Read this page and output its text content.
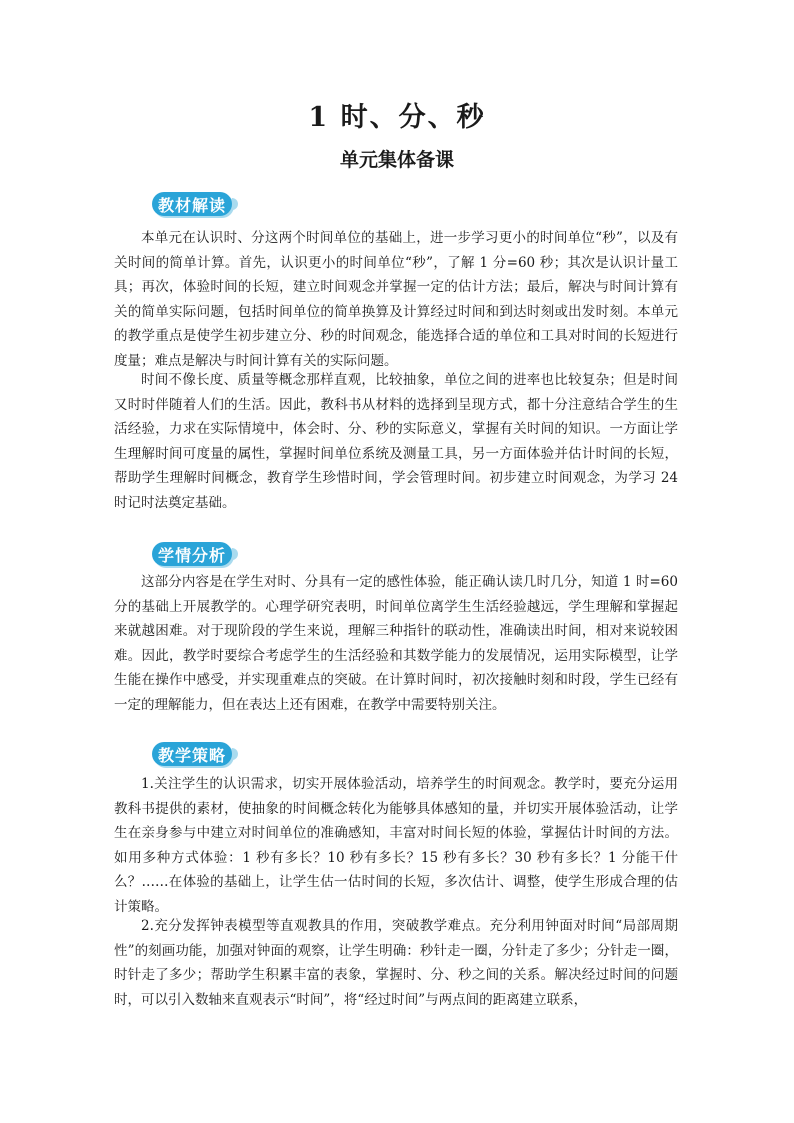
1 时、分、秒
单元集体备课
教材解读

本单元在认识时、分这两个时间单位的基础上，进一步学习更小的时间单位“秒”，以及有关时间的简单计算。首先，认识更小的时间单位“秒”，了解 1 分=60 秒；其次是认识计量工具；再次，体验时间的长短，建立时间观念并掌握一定的估计方法；最后，解决与时间计算有关的简单实际问题，包括时间单位的简单换算及计算经过时间和到达时刻或出发时刻。本单元的教学重点是使学生初步建立分、秒的时间观念，能选择合适的单位和工具对时间的长短进行度量；难点是解决与时间计算有关的实际问题。

时间不像长度、质量等概念那样直观，比较抽象，单位之间的进率也比较复杂；但是时间又时时伴随着人们的生活。因此，教科书从材料的选择到呈现方式，都十分注意结合学生的生活经验，力求在实际情境中，体会时、分、秒的实际意义，掌握有关时间的知识。一方面让学生理解时间可度量的属性，掌握时间单位系统及测量工具，另一方面体验并估计时间的长短，帮助学生理解时间概念，教育学生珍惜时间，学会管理时间。初步建立时间观念，为学习 24 时记时法奠定基础。

学情分析

这部分内容是在学生对时、分具有一定的感性体验，能正确认读几时几分，知道 1 时=60 分的基础上开展教学的。心理学研究表明，时间单位离学生生活经验越远，学生理解和掌握起来就越困难。对于现阶段的学生来说，理解三种指针的联动性，准确读出时间，相对来说较困难。因此，教学时要综合考虑学生的生活经验和其数学能力的发展情况，运用实际模型，让学生能在操作中感受，并实现重难点的突破。在计算时间时，初次接触时刻和时段，学生已经有一定的理解能力，但在表达上还有困难，在教学中需要特别关注。

教学策略

1.关注学生的认识需求，切实开展体验活动，培养学生的时间观念。教学时，要充分运用教科书提供的素材，使抽象的时间概念转化为能够具体感知的量，并切实开展体验活动，让学生在亲身参与中建立对时间单位的准确感知，丰富对时间长短的体验，掌握估计时间的方法。如用多种方式体验：1 秒有多长？10 秒有多长？15 秒有多长？30 秒有多长？1 分能干什么？……在体验的基础上，让学生估一估时间的长短，多次估计、调整，使学生形成合理的估计策略。

2.充分发挥钟表模型等直观教具的作用，突破教学难点。充分利用钟面对时间“局部周期性”的刻画功能，加强对钟面的观察，让学生明确：秒针走一圈，分针走了多少；分针走一圈，时针走了多少；帮助学生积累丰富的表象，掌握时、分、秒之间的关系。解决经过时间的问题时，可以引入数轴来直观表示“时间”，将“经过时间”与两点间的距离建立联系，
